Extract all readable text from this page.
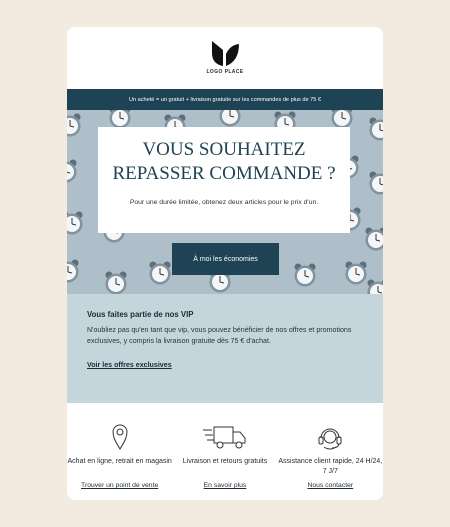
LOGO PLACE
Un acheté = un gratuit + livraison gratuite sur les commandes de plus de 75 €
VOUS SOUHAITEZ
REPASSER COMMANDE ?
Pour une durée limitée, obtenez deux articles pour le prix d'un.
À moi les économies
Vous faites partie de nos VIP
N'oubliez pas qu'en tant que vip, vous pouvez bénéficier de nos offres et promotions exclusives, y compris la livraison gratuite dès 75 € d'achat.
Voir les offres exclusives
Achat en ligne, retrait en magasin
Trouver un point de vente
Livraison et retours gratuits
En savoir plus
Assistance client rapide, 24 H/24, 7 J/7
Nous contacter
